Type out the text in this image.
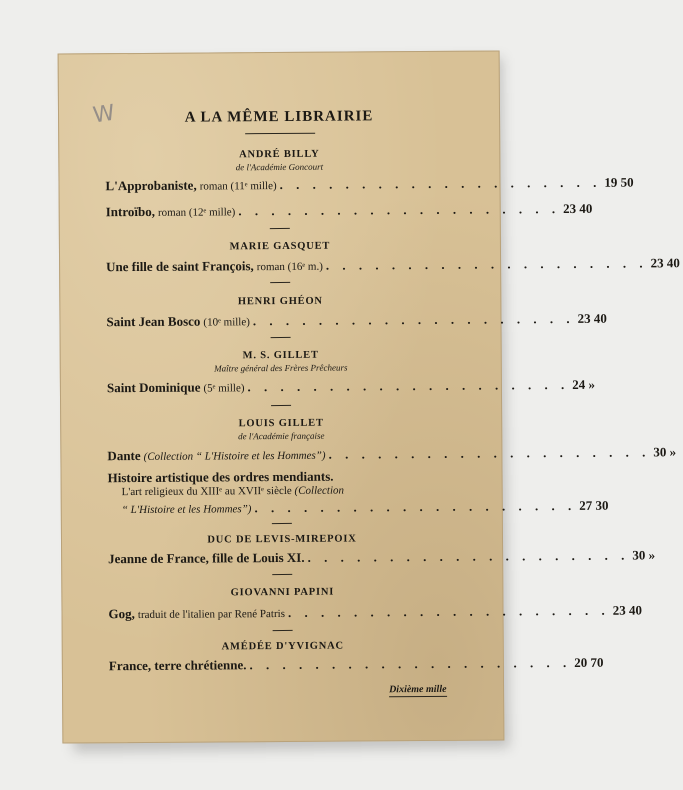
W	A LA MÊME LIBRAIRIE
ANDRÉ BILLY
de l'Académie Goncourt
L'Approbaniste, roman (11ᵉ mille) . . . . . . . . . . . . . . . . . . . . 19 50
Introïbo, roman (12ᵉ mille) . . . . . . . . . . . . . . . . . . . . 23 40
MARIE GASQUET
Une fille de saint François, roman (16ᵉ m.) . . . . . . . . . . . . . . . . . . . . 23 40
HENRI GHÉON
Saint Jean Bosco (10ᵉ mille) . . . . . . . . . . . . . . . . . . . . 23 40
M. S. GILLET
Maître général des Frères Prêcheurs
Saint Dominique (5ᵉ mille) . . . . . . . . . . . . . . . . . . . . 24 »
LOUIS GILLET
de l'Académie française
Dante (Collection “ L'Histoire et les Hommes”) . . . . . . . . . . . . . . . . . . . . 30 »
Histoire artistique des ordres mendiants.
L'art religieux du XIIIᵉ au XVIIᵉ siècle (Collection
“ L'Histoire et les Hommes”) . . . . . . . . . . . . . . . . . . . . 27 30
DUC DE LEVIS-MIREPOIX
Jeanne de France, fille de Louis XI. . . . . . . . . . . . . . . . . . . . . 30 »
GIOVANNI PAPINI
Gog, traduit de l'italien par René Patris . . . . . . . . . . . . . . . . . . . . 23 40
AMÉDÉE D'YVIGNAC
France, terre chrétienne. . . . . . . . . . . . . . . . . . . . . 20 70
Dixième mille
